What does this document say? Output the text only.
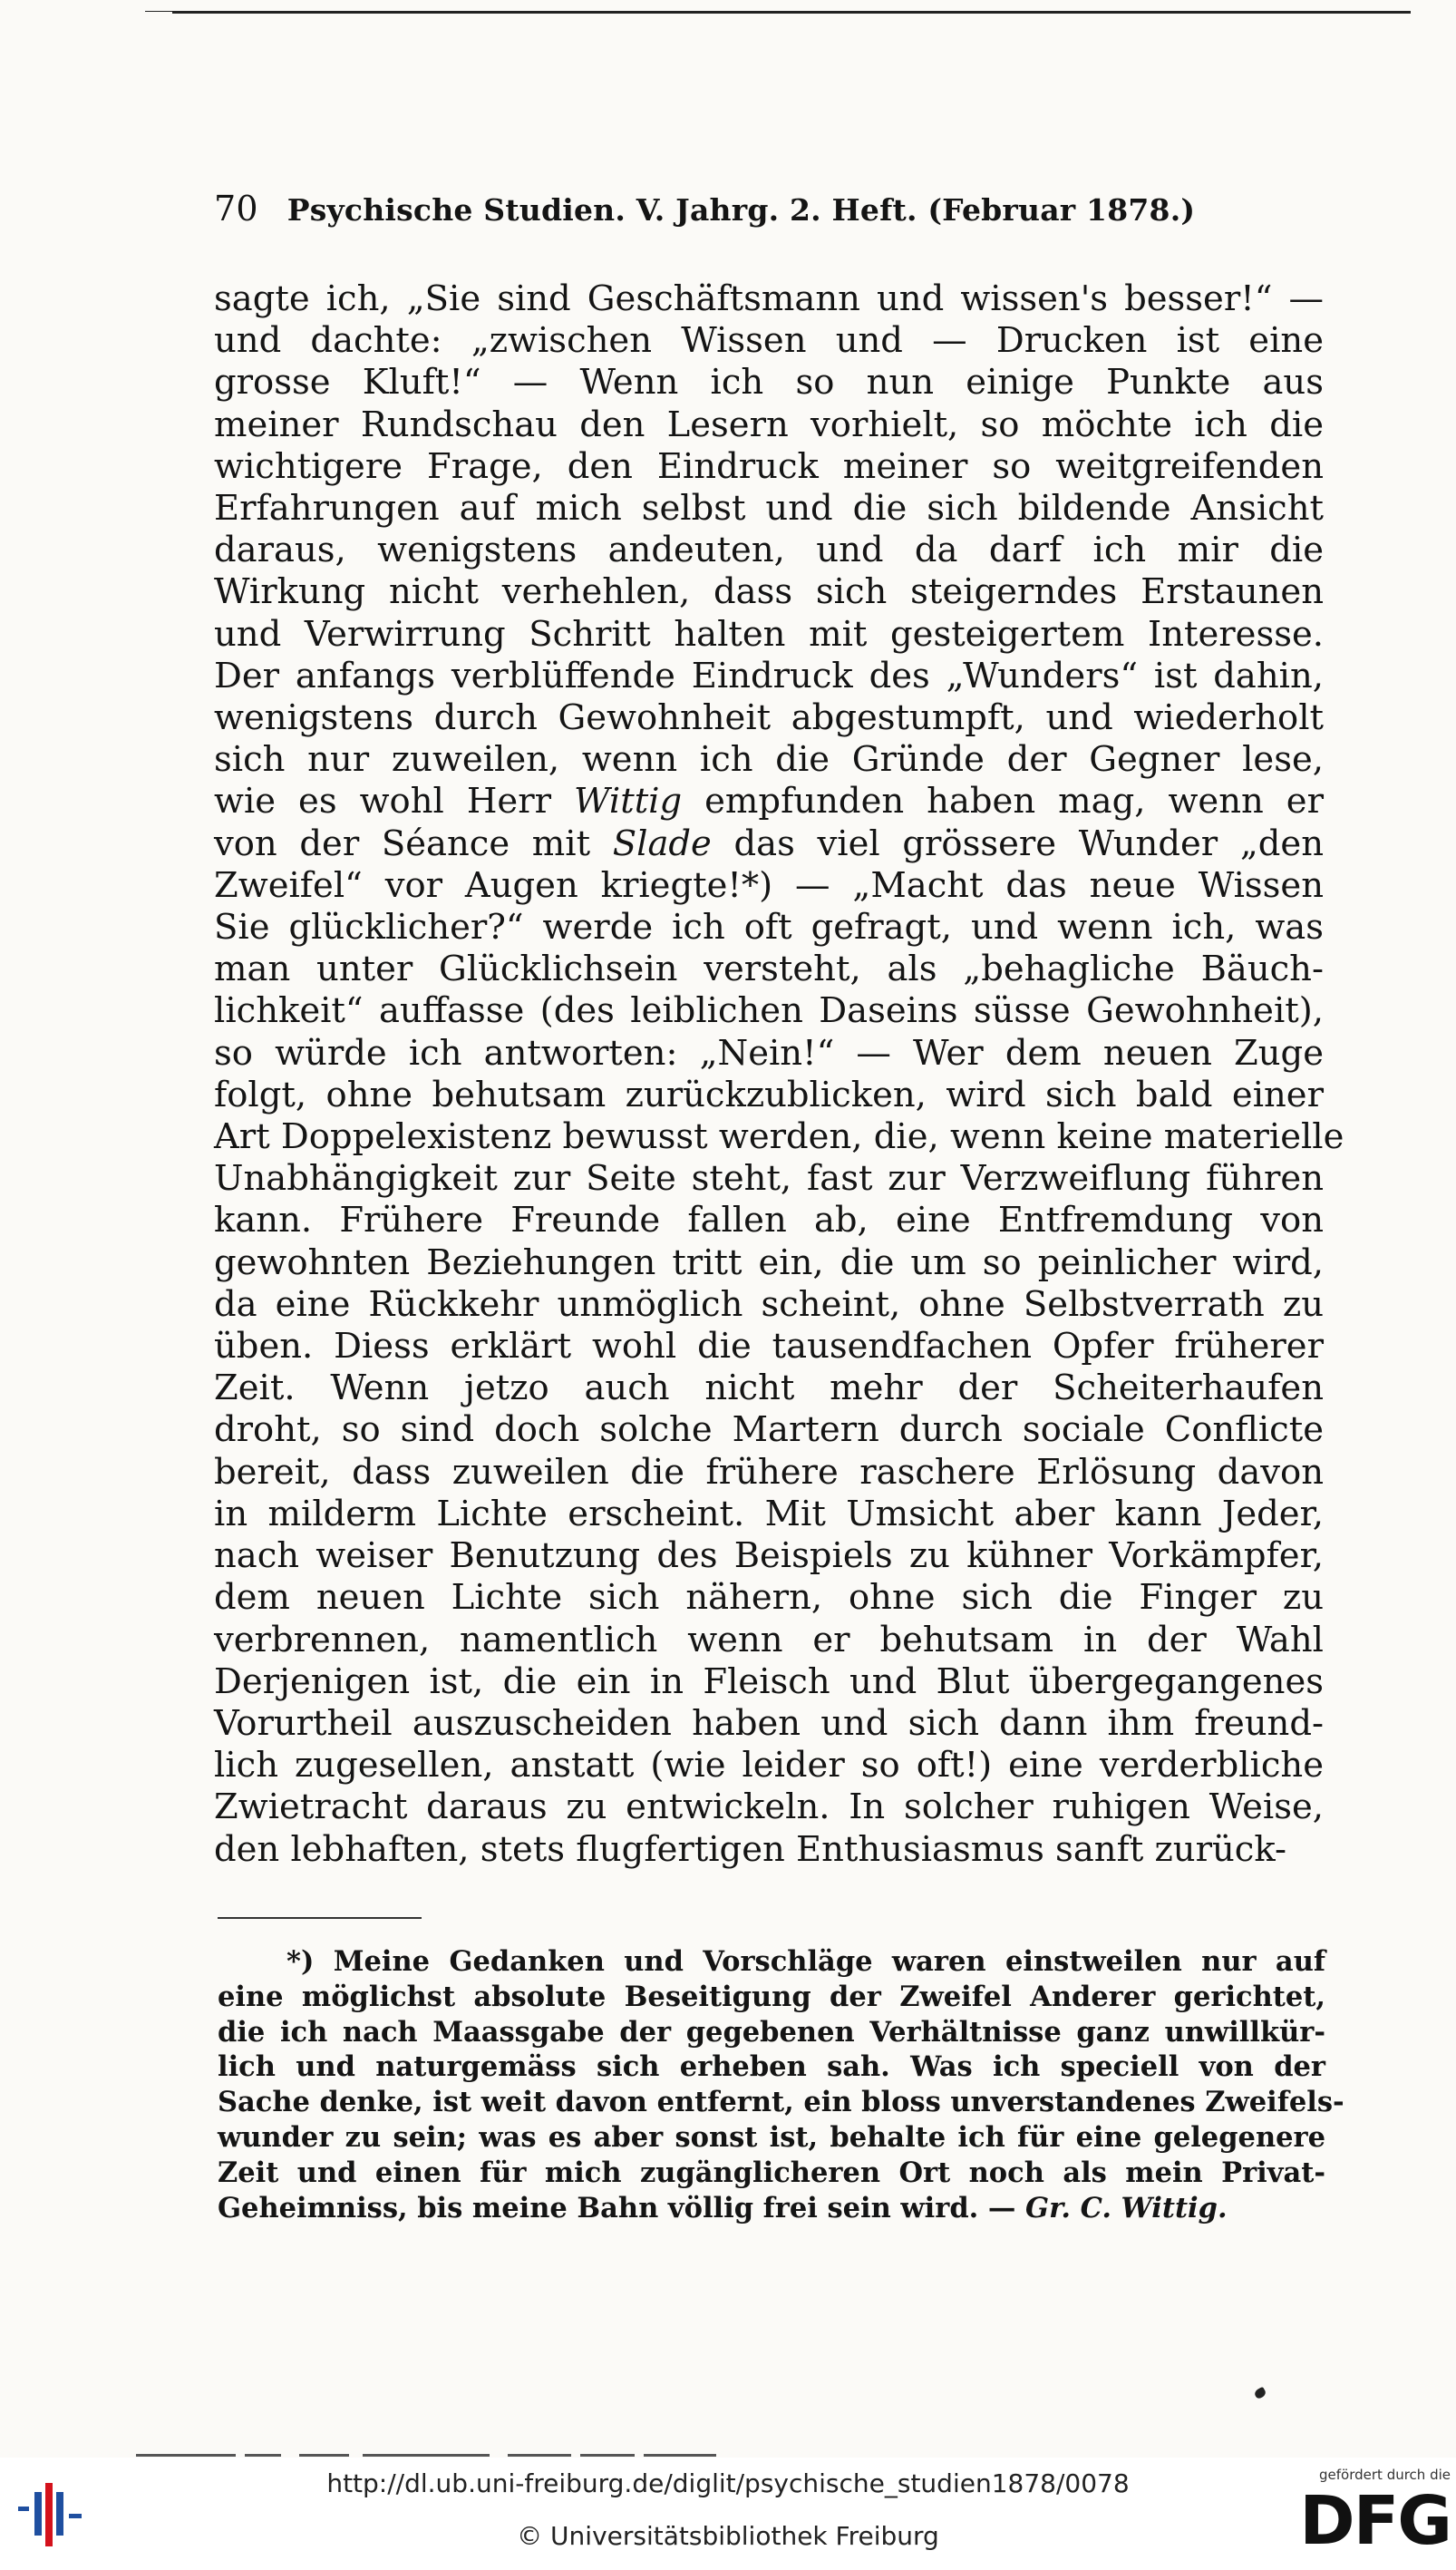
70 Psychische Studien. V. Jahrg. 2. Heft. (Februar 1878.)
sagte ich, „Sie sind Geschäftsmann und wissen's besser!“ —
und dachte: „zwischen Wissen und — Drucken ist eine
grosse Kluft!“ — Wenn ich so nun einige Punkte aus
meiner Rundschau den Lesern vorhielt, so möchte ich die
wichtigere Frage, den Eindruck meiner so weitgreifenden
Erfahrungen auf mich selbst und die sich bildende Ansicht
daraus, wenigstens andeuten, und da darf ich mir die
Wirkung nicht verhehlen, dass sich steigerndes Erstaunen
und Verwirrung Schritt halten mit gesteigertem Interesse.
Der anfangs verblüffende Eindruck des „Wunders“ ist dahin,
wenigstens durch Gewohnheit abgestumpft, und wiederholt
sich nur zuweilen, wenn ich die Gründe der Gegner lese,
wie es wohl Herr Wittig empfunden haben mag, wenn er
von der Séance mit Slade das viel grössere Wunder „den
Zweifel“ vor Augen kriegte!*) — „Macht das neue Wissen
Sie glücklicher?“ werde ich oft gefragt, und wenn ich, was
man unter Glücklichsein versteht, als „behagliche Bäuch-
lichkeit“ auffasse (des leiblichen Daseins süsse Gewohnheit),
so würde ich antworten: „Nein!“ — Wer dem neuen Zuge
folgt, ohne behutsam zurückzublicken, wird sich bald einer
Art Doppelexistenz bewusst werden, die, wenn keine materielle
Unabhängigkeit zur Seite steht, fast zur Verzweiflung führen
kann. Frühere Freunde fallen ab, eine Entfremdung von
gewohnten Beziehungen tritt ein, die um so peinlicher wird,
da eine Rückkehr unmöglich scheint, ohne Selbstverrath zu
üben. Diess erklärt wohl die tausendfachen Opfer früherer
Zeit. Wenn jetzo auch nicht mehr der Scheiterhaufen
droht, so sind doch solche Martern durch sociale Conflicte
bereit, dass zuweilen die frühere raschere Erlösung davon
in milderm Lichte erscheint. Mit Umsicht aber kann Jeder,
nach weiser Benutzung des Beispiels zu kühner Vorkämpfer,
dem neuen Lichte sich nähern, ohne sich die Finger zu
verbrennen, namentlich wenn er behutsam in der Wahl
Derjenigen ist, die ein in Fleisch und Blut übergegangenes
Vorurtheil auszuscheiden haben und sich dann ihm freund-
lich zugesellen, anstatt (wie leider so oft!) eine verderbliche
Zwietracht daraus zu entwickeln. In solcher ruhigen Weise,
den lebhaften, stets flugfertigen Enthusiasmus sanft zurück-
*) Meine Gedanken und Vorschläge waren einstweilen nur auf
eine möglichst absolute Beseitigung der Zweifel Anderer gerichtet,
die ich nach Maassgabe der gegebenen Verhältnisse ganz unwillkür-
lich und naturgemäss sich erheben sah. Was ich speciell von der
Sache denke, ist weit davon entfernt, ein bloss unverstandenes Zweifels-
wunder zu sein; was es aber sonst ist, behalte ich für eine gelegenere
Zeit und einen für mich zugänglicheren Ort noch als mein Privat-
Geheimniss, bis meine Bahn völlig frei sein wird. — Gr. C. Wittig.
http://dl.ub.uni-freiburg.de/diglit/psychische_studien1878/0078
© Universitätsbibliothek Freiburg
gefördert durch die
DFG
